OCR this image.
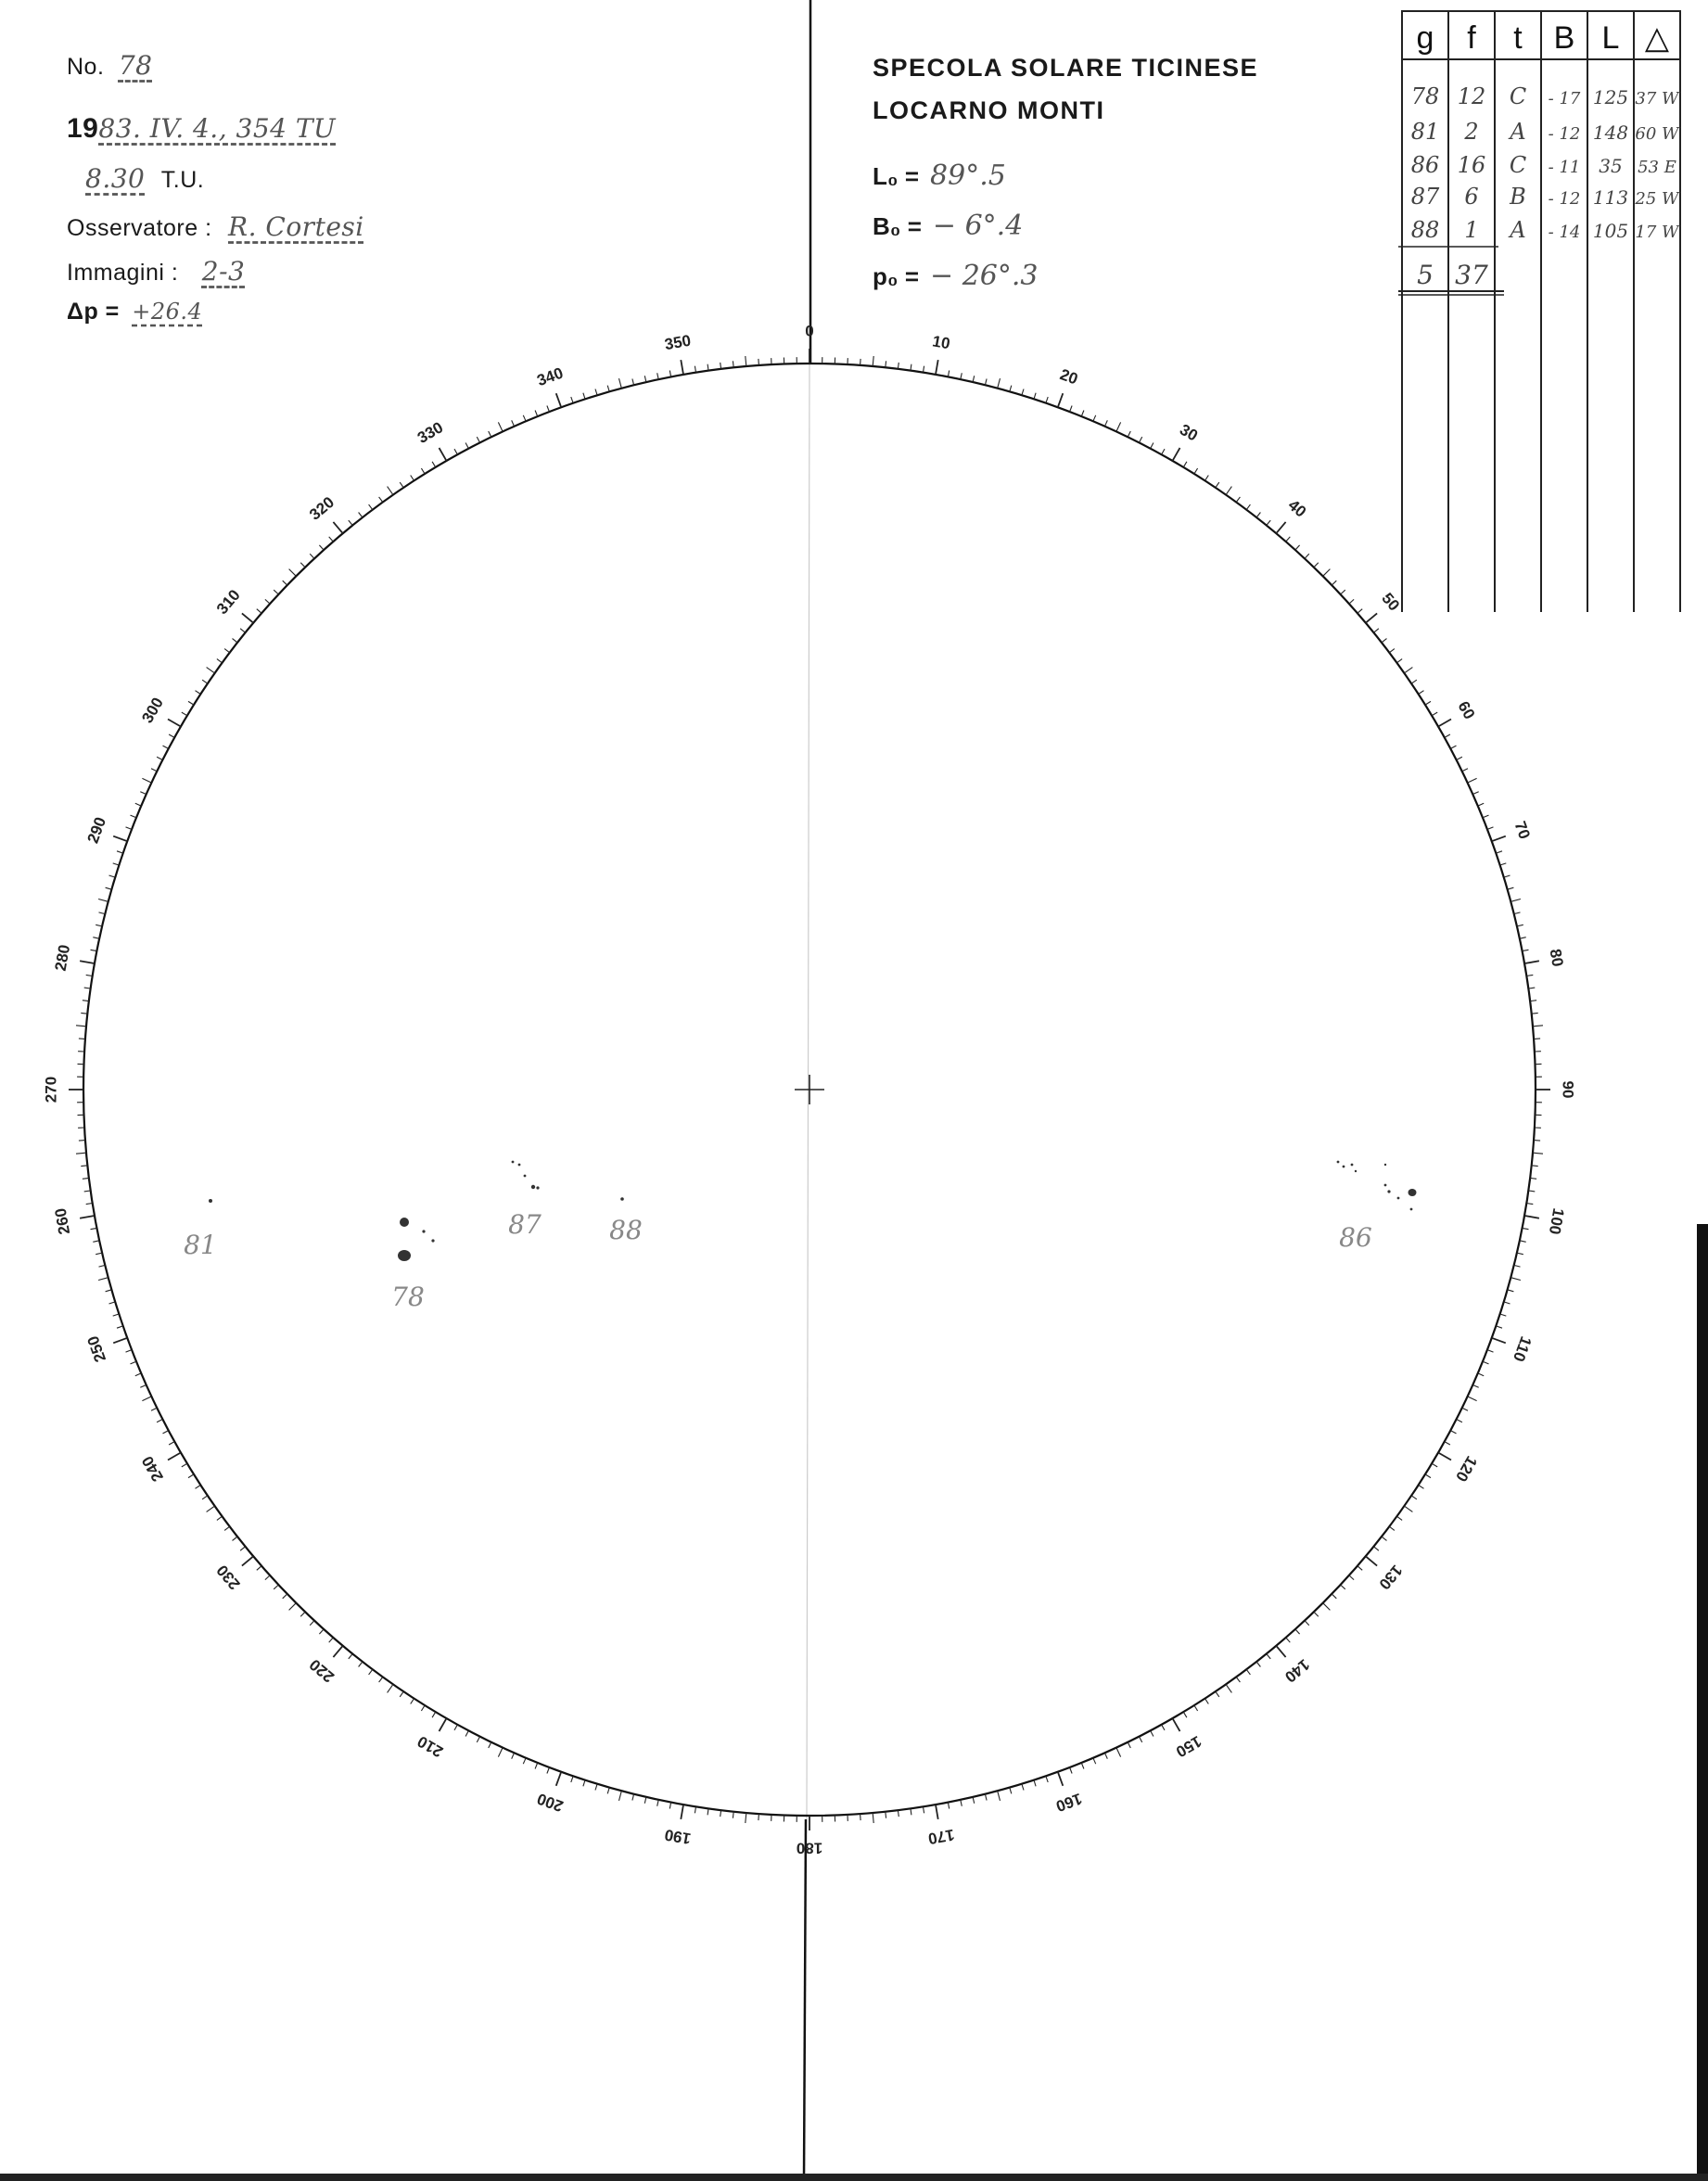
No. 78
1983. IV. 4., 354 TU
8.30 T.U.
Osservatore : R. Cortesi
Immagini : 2-3
Δp = +26.4
SPECOLA SOLARE TICINESE
LOCARNO MONTI
L₀ = 89°.5
B₀ = − 6°.4
p₀ = − 26°.3
g f t B L △
78 12 C - 17 125 37 W
81 2 A - 12 148 60 W
86 16 C - 11 35 53 E
87 6 B - 12 113 25 W
88 1 A - 14 105 17 W
5 37
0
10
20
30
40
50
60
70
80
90
100
110
120
130
140
150
160
170
180
190
200
210
220
230
240
250
260
270
280
290
300
310
320
330
340
350
81
78
87	88	86
